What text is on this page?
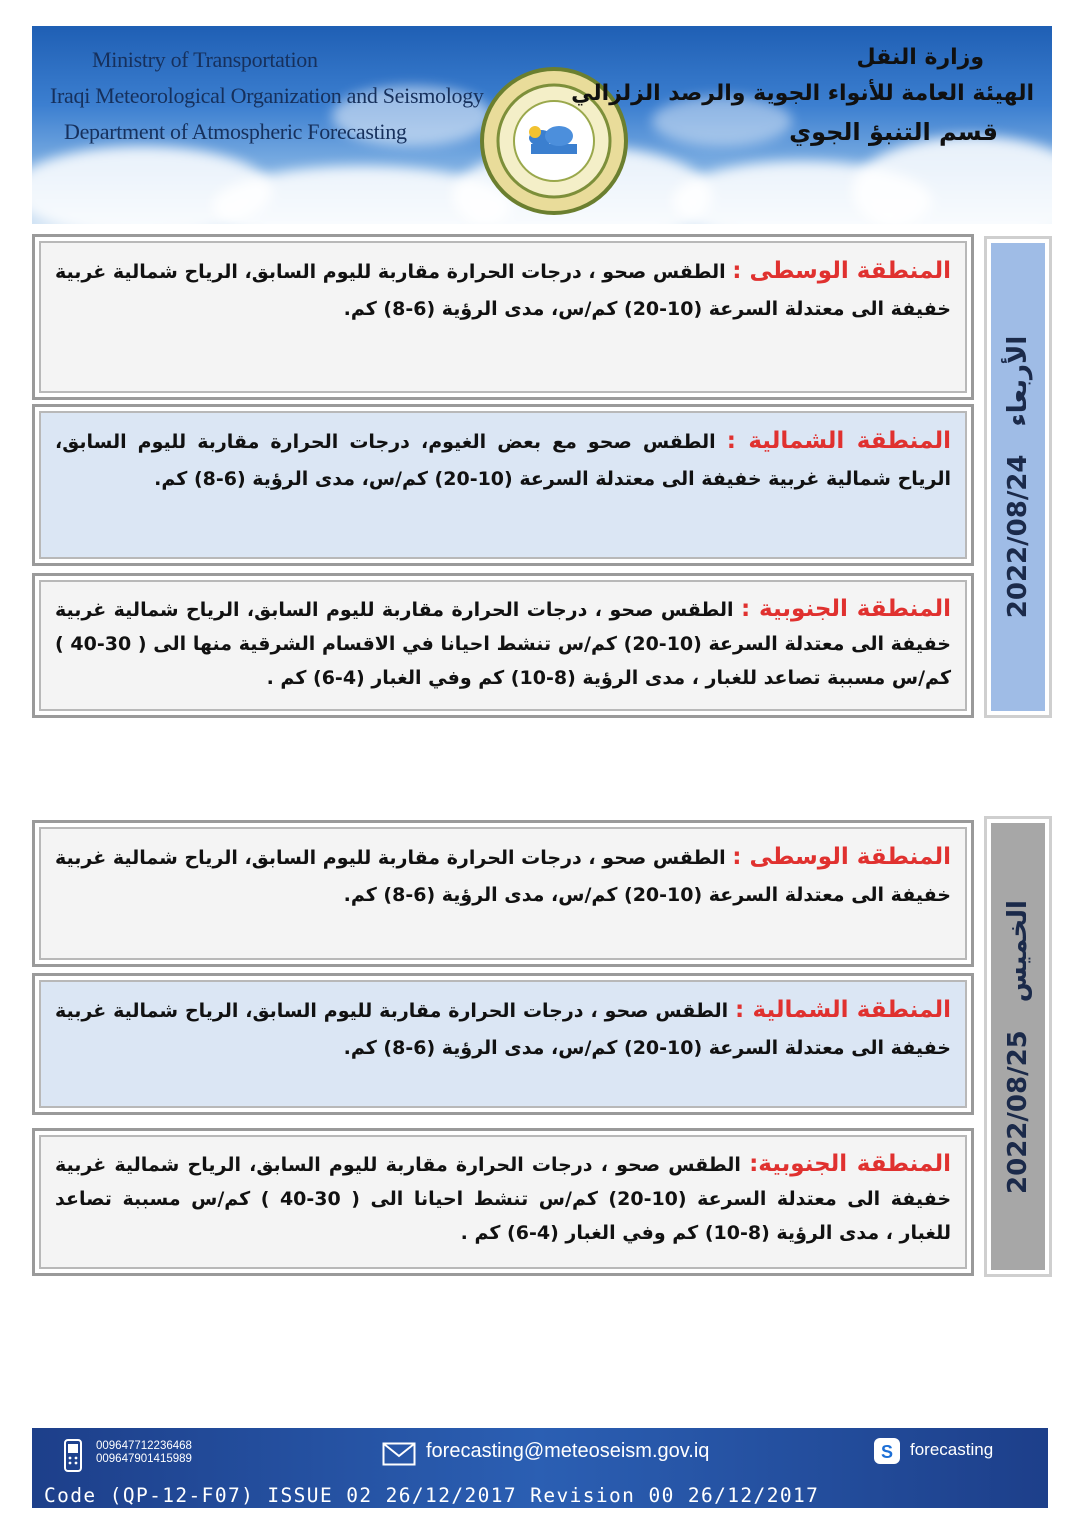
Ministry of Transportation
Iraqi Meteorological Organization and Seismology
Department of Atmospheric Forecasting
وزارة النقل
الهيئة العامة للأنواء الجوية والرصد الزلزالي
قسم التنبؤ الجوي
المنطقة الوسطى : الطقس صحو ، درجات الحرارة مقاربة لليوم السابق، الرياح شمالية غربية خفيفة الى معتدلة السرعة (10-20) كم/س، مدى الرؤية (6-8) كم.
المنطقة الشمالية : الطقس صحو مع بعض الغيوم، درجات الحرارة مقاربة لليوم السابق، الرياح شمالية غربية خفيفة الى معتدلة السرعة (10-20) كم/س، مدى الرؤية (6-8) كم.
المنطقة الجنوبية : الطقس صحو ، درجات الحرارة مقاربة لليوم السابق، الرياح شمالية غربية خفيفة الى معتدلة السرعة (10-20) كم/س تنشط احيانا في الاقسام الشرقية منها الى ( 30-40 ) كم/س مسببة تصاعد للغبار ، مدى الرؤية (8-10) كم وفي الغبار (4-6) كم .
2022/08/24الأربعاء
المنطقة الوسطى : الطقس صحو ، درجات الحرارة مقاربة لليوم السابق، الرياح شمالية غربية خفيفة الى معتدلة السرعة (10-20) كم/س، مدى الرؤية (6-8) كم.
المنطقة الشمالية : الطقس صحو ، درجات الحرارة مقاربة لليوم السابق، الرياح شمالية غربية خفيفة الى معتدلة السرعة (10-20) كم/س، مدى الرؤية (6-8) كم.
المنطقة الجنوبية: الطقس صحو ، درجات الحرارة مقاربة لليوم السابق، الرياح شمالية غربية خفيفة الى معتدلة السرعة (10-20) كم/س تنشط احيانا الى ( 30-40 ) كم/س مسببة تصاعد للغبار ، مدى الرؤية (8-10) كم وفي الغبار (4-6) كم .
2022/08/25الخميس
009647712236468
009647901415989	forecasting@meteoseism.gov.iq	S forecasting
Code (QP-12-F07) ISSUE 02 26/12/2017 Revision 00 26/12/2017
